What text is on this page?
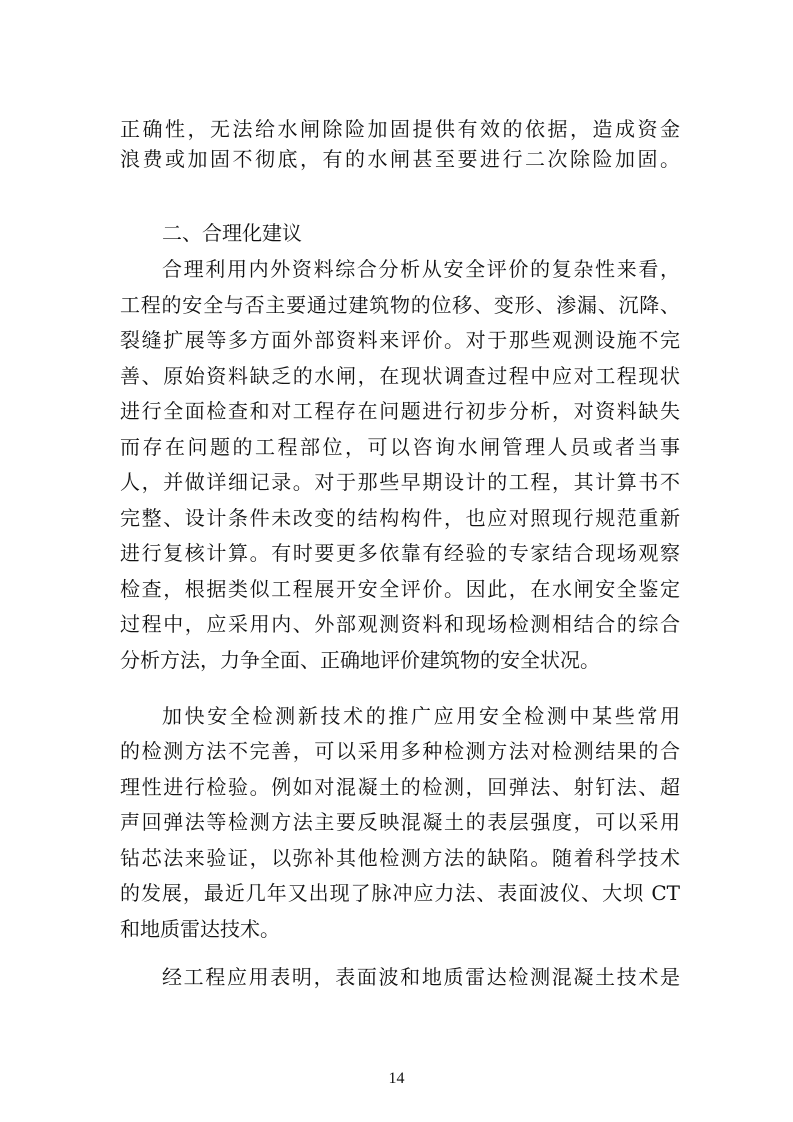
正确性，无法给水闸除险加固提供有效的依据，造成资金
浪费或加固不彻底，有的水闸甚至要进行二次除险加固。
二、合理化建议
合理利用内外资料综合分析从安全评价的复杂性来看，
工程的安全与否主要通过建筑物的位移、变形、渗漏、沉降、
裂缝扩展等多方面外部资料来评价。对于那些观测设施不完
善、原始资料缺乏的水闸，在现状调查过程中应对工程现状
进行全面检查和对工程存在问题进行初步分析，对资料缺失
而存在问题的工程部位，可以咨询水闸管理人员或者当事
人，并做详细记录。对于那些早期设计的工程，其计算书不
完整、设计条件未改变的结构构件，也应对照现行规范重新
进行复核计算。有时要更多依靠有经验的专家结合现场观察
检查，根据类似工程展开安全评价。因此，在水闸安全鉴定
过程中，应采用内、外部观测资料和现场检测相结合的综合
分析方法，力争全面、正确地评价建筑物的安全状况。
加快安全检测新技术的推广应用安全检测中某些常用
的检测方法不完善，可以采用多种检测方法对检测结果的合
理性进行检验。例如对混凝土的检测，回弹法、射钉法、超
声回弹法等检测方法主要反映混凝土的表层强度，可以采用
钻芯法来验证，以弥补其他检测方法的缺陷。随着科学技术
的发展，最近几年又出现了脉冲应力法、表面波仪、大坝 CT
和地质雷达技术。
经工程应用表明，表面波和地质雷达检测混凝土技术是
14
